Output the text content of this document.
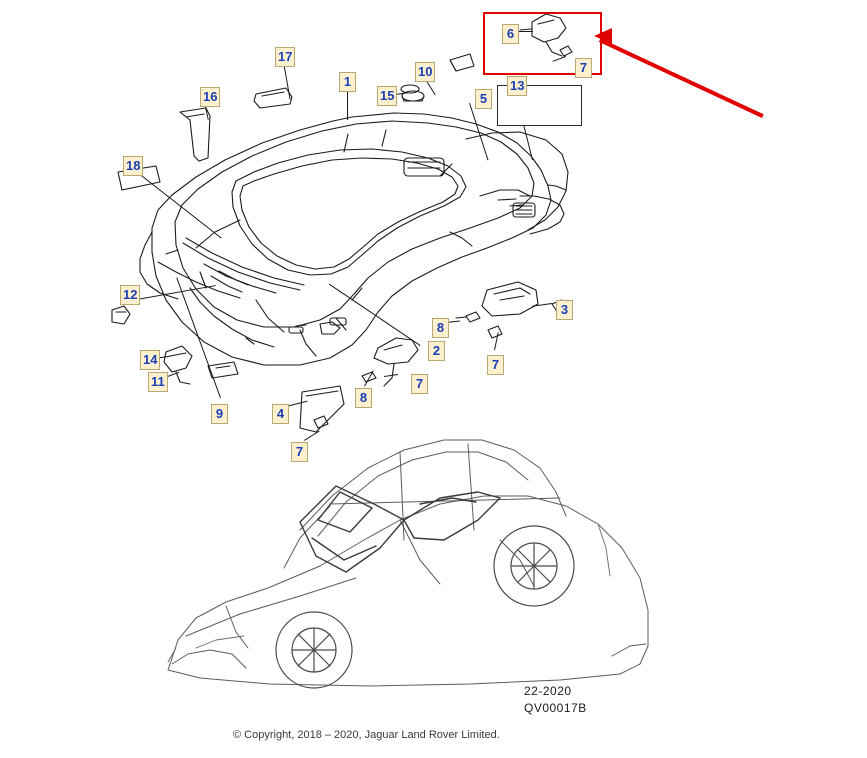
1
2
3
4
5
6
7
7
7
7
8
8
9
10
11
12
13
14
15
16
17
18
22-2020
QV00017B
© Copyright, 2018 – 2020, Jaguar Land Rover Limited.
